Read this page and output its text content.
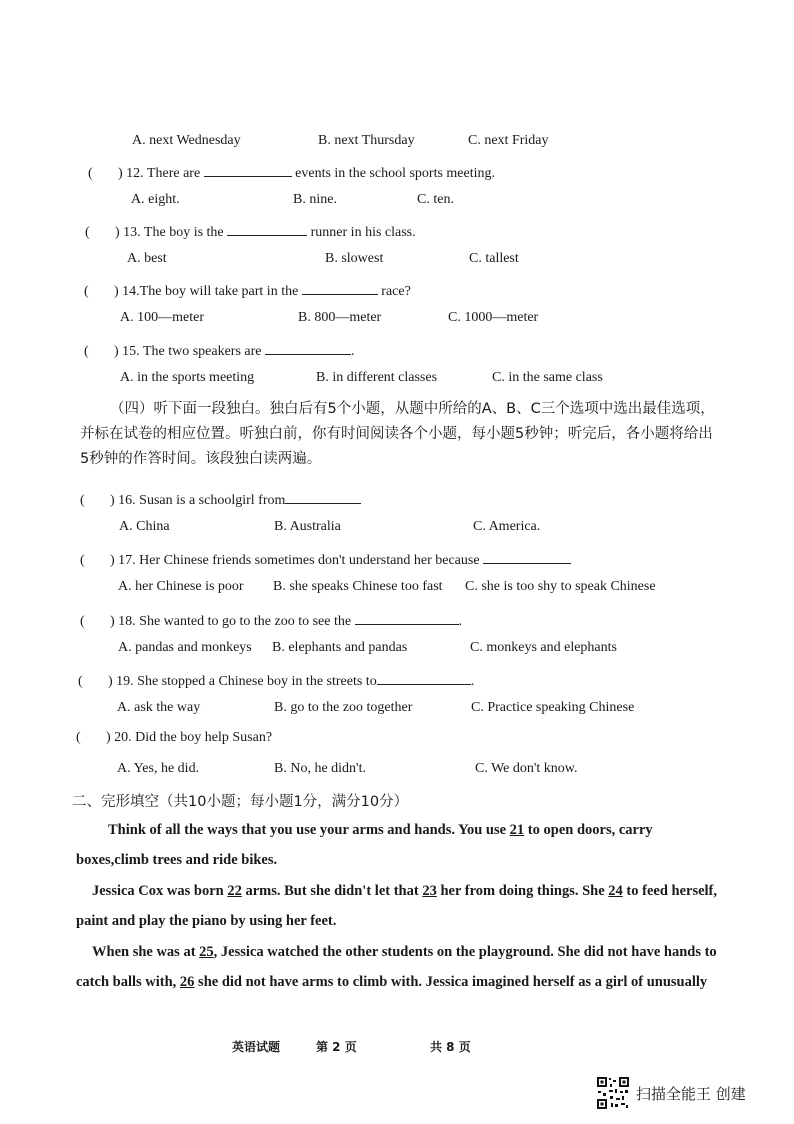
A. next Wednesday	B. next Thursday	C. next Friday
( ) 12. There are	events in the school sports meeting.
A. eight.	B. nine.	C. ten.
( ) 13. The boy is the	runner in his class.
A. best	B. slowest	C. tallest
( ) 14.The boy will take part in the	race?
A. 100—meter	B. 800—meter	C. 1000—meter
( ) 15. The two speakers are	.
A. in the sports meeting	B. in different classes	C. in the same class
（四）听下面一段独白。独白后有5个小题，从题中所给的A、B、C三个选项中选出最佳选项，并标在试卷的相应位置。听独白前，你有时间阅读各个小题，每小题5秒钟；听完后，各小题将给出5秒钟的作答时间。该段独白读两遍。
( ) 16. Susan is a schoolgirl from
A. China	B. Australia	C. America.
( ) 17. Her Chinese friends sometimes don't understand her because
A. her Chinese is poor B. she speaks Chinese too fast C. she is too shy to speak Chinese
( ) 18. She wanted to go to the zoo to see the	.
A. pandas and monkeys B. elephants and pandas	C. monkeys and elephants
( ) 19. She stopped a Chinese boy in the streets to	.
A. ask the way	B. go to the zoo together	C. Practice speaking Chinese
( ) 20. Did the boy help Susan?
A. Yes, he did.	B. No, he didn't.	C. We don't know.
二、完形填空（共10小题；每小题1分，满分10分）
Think of all the ways that you use your arms and hands. You use 21 to open doors, carry boxes,climb trees and ride bikes.
Jessica Cox was born 22 arms. But she didn't let that 23 her from doing things. She 24 to feed herself, paint and play the piano by using her feet.
When she was at 25, Jessica watched the other students on the playground. She did not have hands to catch balls with, 26 she did not have arms to climb with. Jessica imagined herself as a girl of unusually
英语试题	第 2 页	共 8 页
扫描全能王 创建
